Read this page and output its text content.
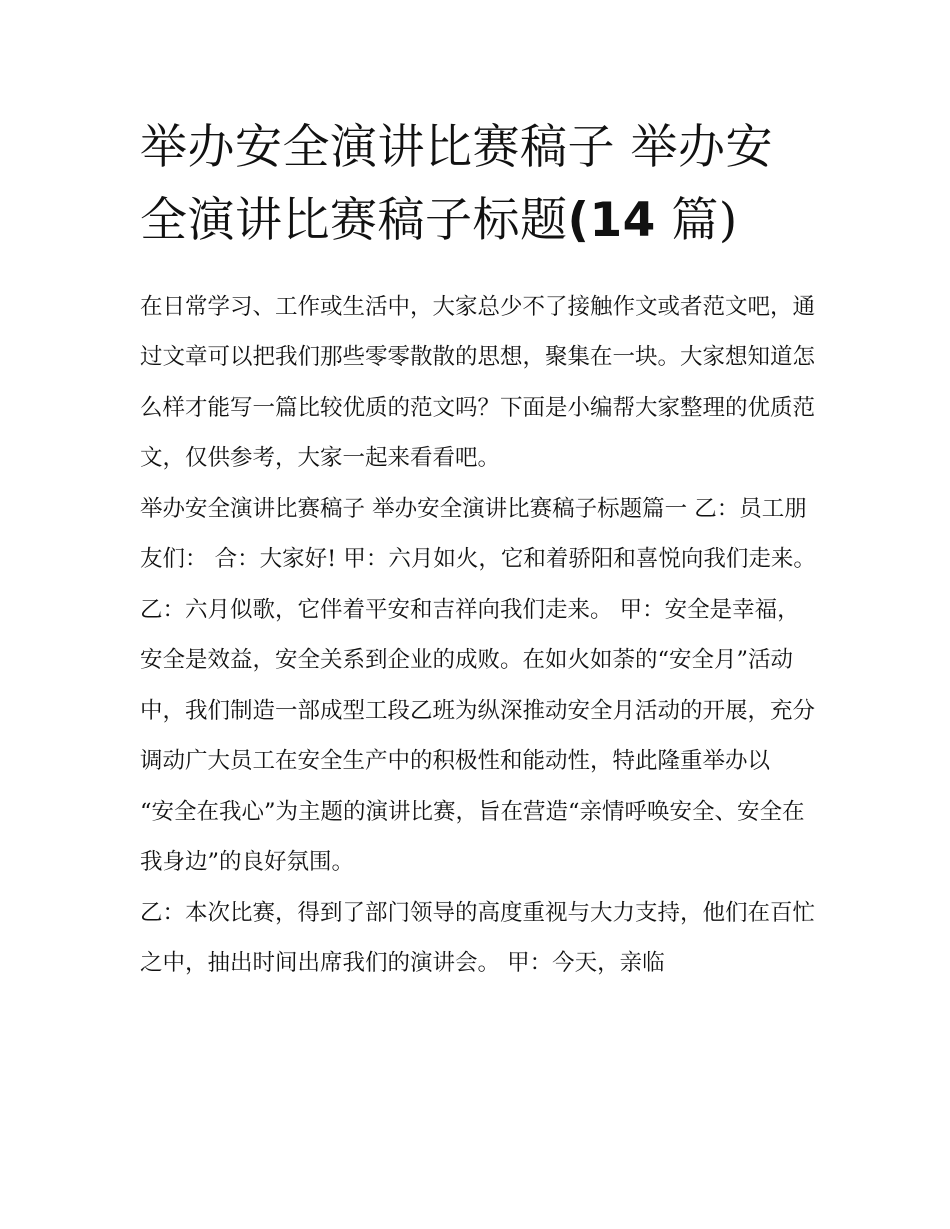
举办安全演讲比赛稿子 举办安
全演讲比赛稿子标题(14 篇)

在日常学习、工作或生活中，大家总少不了接触作文或者范文吧，通过文章可以把我们那些零零散散的思想，聚集在一块。大家想知道怎么样才能写一篇比较优质的范文吗？下面是小编帮大家整理的优质范文，仅供参考，大家一起来看看吧。

举办安全演讲比赛稿子 举办安全演讲比赛稿子标题篇一 乙：员工朋友们： 合：大家好! 甲：六月如火，它和着骄阳和喜悦向我们走来。

乙：六月似歌，它伴着平安和吉祥向我们走来。 甲：安全是幸福，安全是效益，安全关系到企业的成败。在如火如荼的“安全月”活动中，我们制造一部成型工段乙班为纵深推动安全月活动的开展，充分调动广大员工在安全生产中的积极性和能动性，特此隆重举办以

“安全在我心”为主题的演讲比赛，旨在营造“亲情呼唤安全、安全在我身边”的良好氛围。

乙：本次比赛，得到了部门领导的高度重视与大力支持，他们在百忙之中，抽出时间出席我们的演讲会。 甲：今天，亲临
